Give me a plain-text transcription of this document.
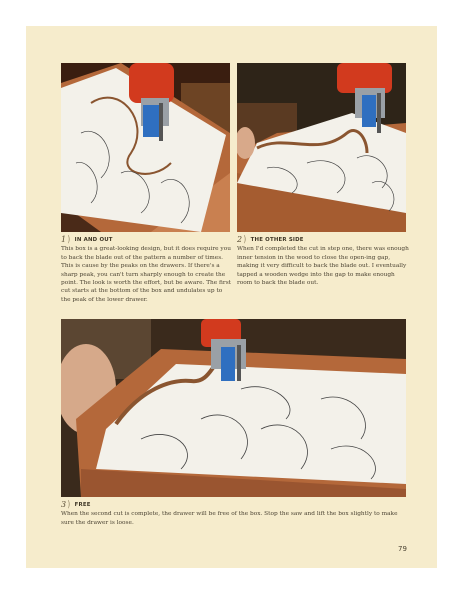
1 ) IN AND OUT

This box is a great-looking design, but it does require you to back the blade out of the pattern a number of times. This is cause by the peaks on the drawers. If there's a sharp peak, you can't turn sharply enough to create the point. The look is worth the effort, but be aware. The first cut starts at the bottom of the box and undulates up to the peak of the lower drawer.

2 ) THE OTHER SIDE

When I'd completed the cut in step one, there was enough inner tension in the wood to close the open-ing gap, making it very difficult to back the blade out. I eventually tapped a wooden wedge into the gap to make enough room to back the blade out.

3 ) FREE

When the second cut is complete, the drawer will be free of the box. Stop the saw and lift the box slightly to make sure the drawer is loose.

79
